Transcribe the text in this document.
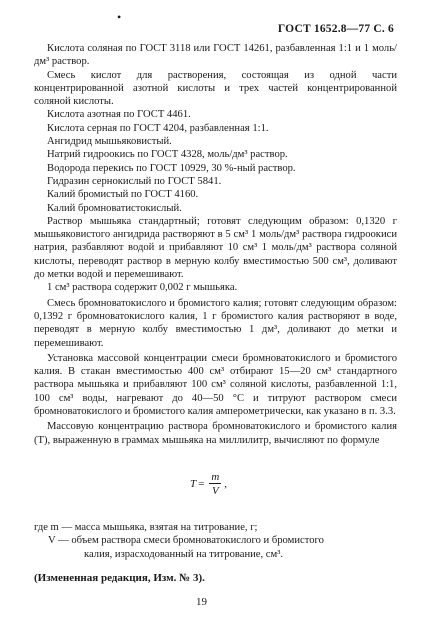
•
ГОСТ 1652.8—77 С. 6

Кислота соляная по ГОСТ 3118 или ГОСТ 14261, разбавленная 1:1 и 1 моль/дм³ раствор.

Смесь кислот для растворения, состоящая из одной части концентрированной азотной кислоты и трех частей концентрированной соляной кислоты.

Кислота азотная по ГОСТ 4461.

Кислота серная по ГОСТ 4204, разбавленная 1:1.

Ангидрид мышьяковистый.

Натрий гидроокись по ГОСТ 4328, моль/дм³ раствор.

Водорода перекись по ГОСТ 10929, 30 %-ный раствор.

Гидразин сернокислый по ГОСТ 5841.

Калий бромистый по ГОСТ 4160.

Калий бромноватистокислый.

Раствор мышьяка стандартный; готовят следующим образом: 0,1320 г мышьяковистого ангидрида растворяют в 5 см³ 1 моль/дм³ раствора гидроокиси натрия, разбавляют водой и прибавляют 10 см³ 1 моль/дм³ раствора соляной кислоты, переводят раствор в мерную колбу вместимостью 500 см³, доливают до метки водой и перемешивают.

1 см³ раствора содержит 0,002 г мышьяка.

Смесь бромноватокислого и бромистого калия; готовят следующим образом: 0,1392 г бромноватокислого калия, 1 г бромистого калия растворяют в воде, переводят в мерную колбу вместимостью 1 дм³, доливают до метки и перемешивают.

Установка массовой концентрации смеси бромноватокислого и бромистого калия. В стакан вместимостью 400 см³ отбирают 15—20 см³ стандартного раствора мышьяка и прибавляют 100 см³ соляной кислоты, разбавленной 1:1, 100 см³ воды, нагревают до 40—50 °С и титруют раствором смеси бромноватокислого и бромистого калия амперометрически, как указано в п. 3.3.

Массовую концентрацию раствора бромноватокислого и бромистого калия (T), выраженную в граммах мышьяка на миллилитр, вычисляют по формуле

$T = \frac{m}{V}$ ,

где m — масса мышьяка, взятая на титрование, г;

V — объем раствора смеси бромноватокислого и бромистого

калия, израсходованный на титрование, см³.

(Измененная редакция, Изм. № 3).
19
